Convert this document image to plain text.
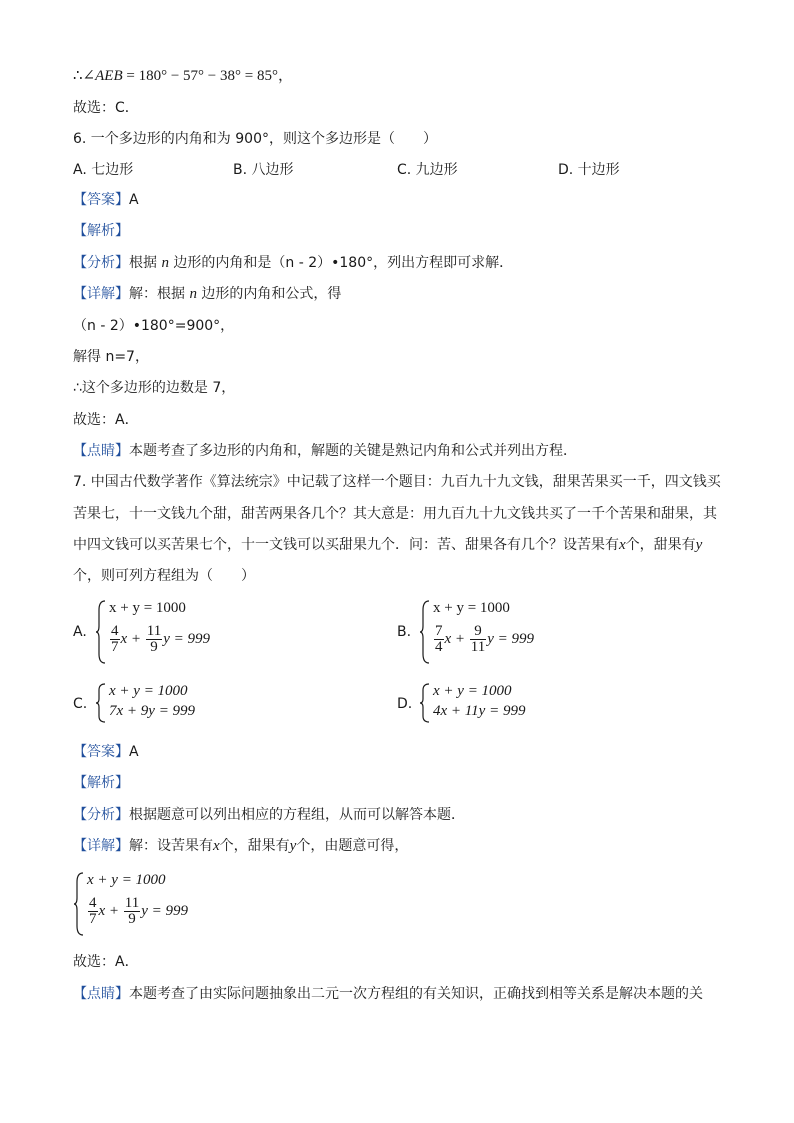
∴∠AEB = 180° − 57° − 38° = 85°，
故选：C．
6. 一个多边形的内角和为 900°，则这个多边形是（　　）
A. 七边形	B. 八边形	C. 九边形	D. 十边形
【答案】A
【解析】
【分析】根据 n 边形的内角和是（n - 2）•180°，列出方程即可求解．
【详解】解：根据 n 边形的内角和公式，得
（n - 2）•180°=900°，
解得 n=7，
∴这个多边形的边数是 7，
故选：A．
【点睛】本题考查了多边形的内角和，解题的关键是熟记内角和公式并列出方程．
7. 中国古代数学著作《算法统宗》中记载了这样一个题目：九百九十九文钱，甜果苦果买一千，四文钱买
苦果七，十一文钱九个甜，甜苦两果各几个？其大意是：用九百九十九文钱共买了一千个苦果和甜果，其
中四文钱可以买苦果七个，十一文钱可以买甜果九个．问：苦、甜果各有几个？设苦果有x个，甜果有y
个，则可列方程组为（　　）
A.
x + y = 1000
$\frac{4}{7}$ $x + \frac{11}{9}$ y = 999	B.
x + y = 1000
$\frac{7}{4}$ $x + \frac{9}{11}$ y = 999
C.
x + y = 1000
7x + 9y = 999	D.
x + y = 1000
4x + 11y = 999
【答案】A
【解析】
【分析】根据题意可以列出相应的方程组，从而可以解答本题．
【详解】解：设苦果有x个，甜果有y个，由题意可得，
x + y = 1000
$\frac{4}{7}$ $x + \frac{11}{9}$ y = 999
故选：A．
【点睛】本题考查了由实际问题抽象出二元一次方程组的有关知识，正确找到相等关系是解决本题的关
